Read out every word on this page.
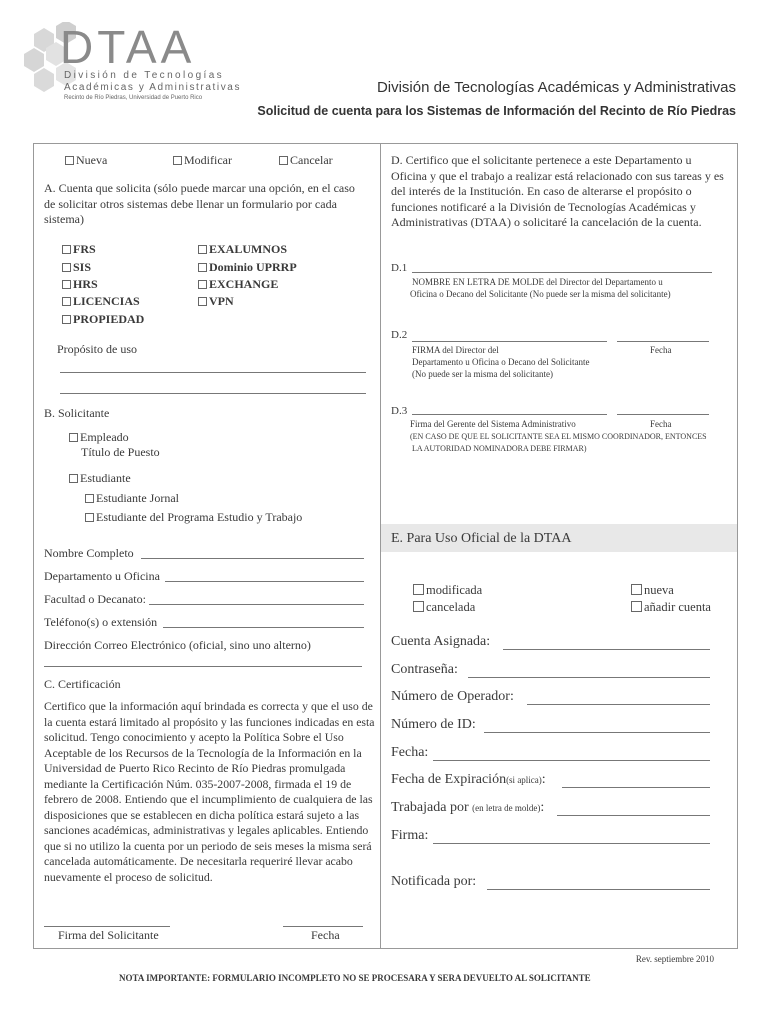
DTAA
División de Tecnologías
Académicas y Administrativas
Recinto de Río Piedras, Universidad de Puerto Rico
División de Tecnologías Académicas y Administrativas
Solicitud de cuenta para los Sistemas de Información del Recinto de Río Piedras
Nueva	Modificar	Cancelar
A. Cuenta que solicita (sólo puede marcar una opción, en el caso de solicitar otros sistemas debe llenar un formulario por cada sistema)
FRS
SIS
HRS
LICENCIAS
PROPIEDAD
EXALUMNOS
Dominio UPRRP
EXCHANGE
VPN
Propósito de uso
B. Solicitante
Empleado
Título de Puesto
Estudiante
Estudiante Jornal
Estudiante del Programa Estudio y Trabajo
Nombre Completo
Departamento u Oficina
Facultad o Decanato:
Teléfono(s) o extensión
Dirección Correo Electrónico (oficial, sino uno alterno)
C. Certificación
Certifico que la información aquí brindada es correcta y que el uso de la cuenta estará limitado al propósito y las funciones indicadas en esta solicitud. Tengo conocimiento y acepto la Política Sobre el Uso Aceptable de los Recursos de la Tecnología de la Información en la Universidad de Puerto Rico Recinto de Río Piedras promulgada mediante la Certificación Núm. 035-2007-2008, firmada el 19 de febrero de 2008. Entiendo que el incumplimiento de cualquiera de las disposiciones que se establecen en dicha política estará sujeto a las sanciones académicas, administrativas y legales aplicables. Entiendo que si no utilizo la cuenta por un periodo de seis meses la misma será cancelada automáticamente. De necesitarla requeriré llevar acabo nuevamente el proceso de solicitud.
Firma del Solicitante	Fecha
D. Certifico que el solicitante pertenece a este Departamento u Oficina y que el trabajo a realizar está relacionado con sus tareas y es del interés de la Institución. En caso de alterarse el propósito o funciones notificaré a la División de Tecnologías Académicas y Administrativas (DTAA) o solicitaré la cancelación de la cuenta.
D.1
NOMBRE EN LETRA DE MOLDE del Director del Departamento u
Oficina o Decano del Solicitante (No puede ser la misma del solicitante)
D.2
FIRMA del Director del	Fecha
Departamento u Oficina o Decano del Solicitante
(No puede ser la misma del solicitante)
D.3
Firma del Gerente del Sistema Administrativo	Fecha
(EN CASO DE QUE EL SOLICITANTE SEA EL MISMO COORDINADOR, ENTONCES
LA AUTORIDAD NOMINADORA DEBE FIRMAR)
E. Para Uso Oficial de la DTAA
modificada
cancelada
nueva
añadir cuenta
Cuenta Asignada:
Contraseña:
Número de Operador:
Número de ID:
Fecha:
Fecha de Expiración(si aplica):
Trabajada por (en letra de molde):
Firma:
Notificada por:
Rev. septiembre 2010
NOTA IMPORTANTE: FORMULARIO INCOMPLETO NO SE PROCESARA Y SERA DEVUELTO AL SOLICITANTE
